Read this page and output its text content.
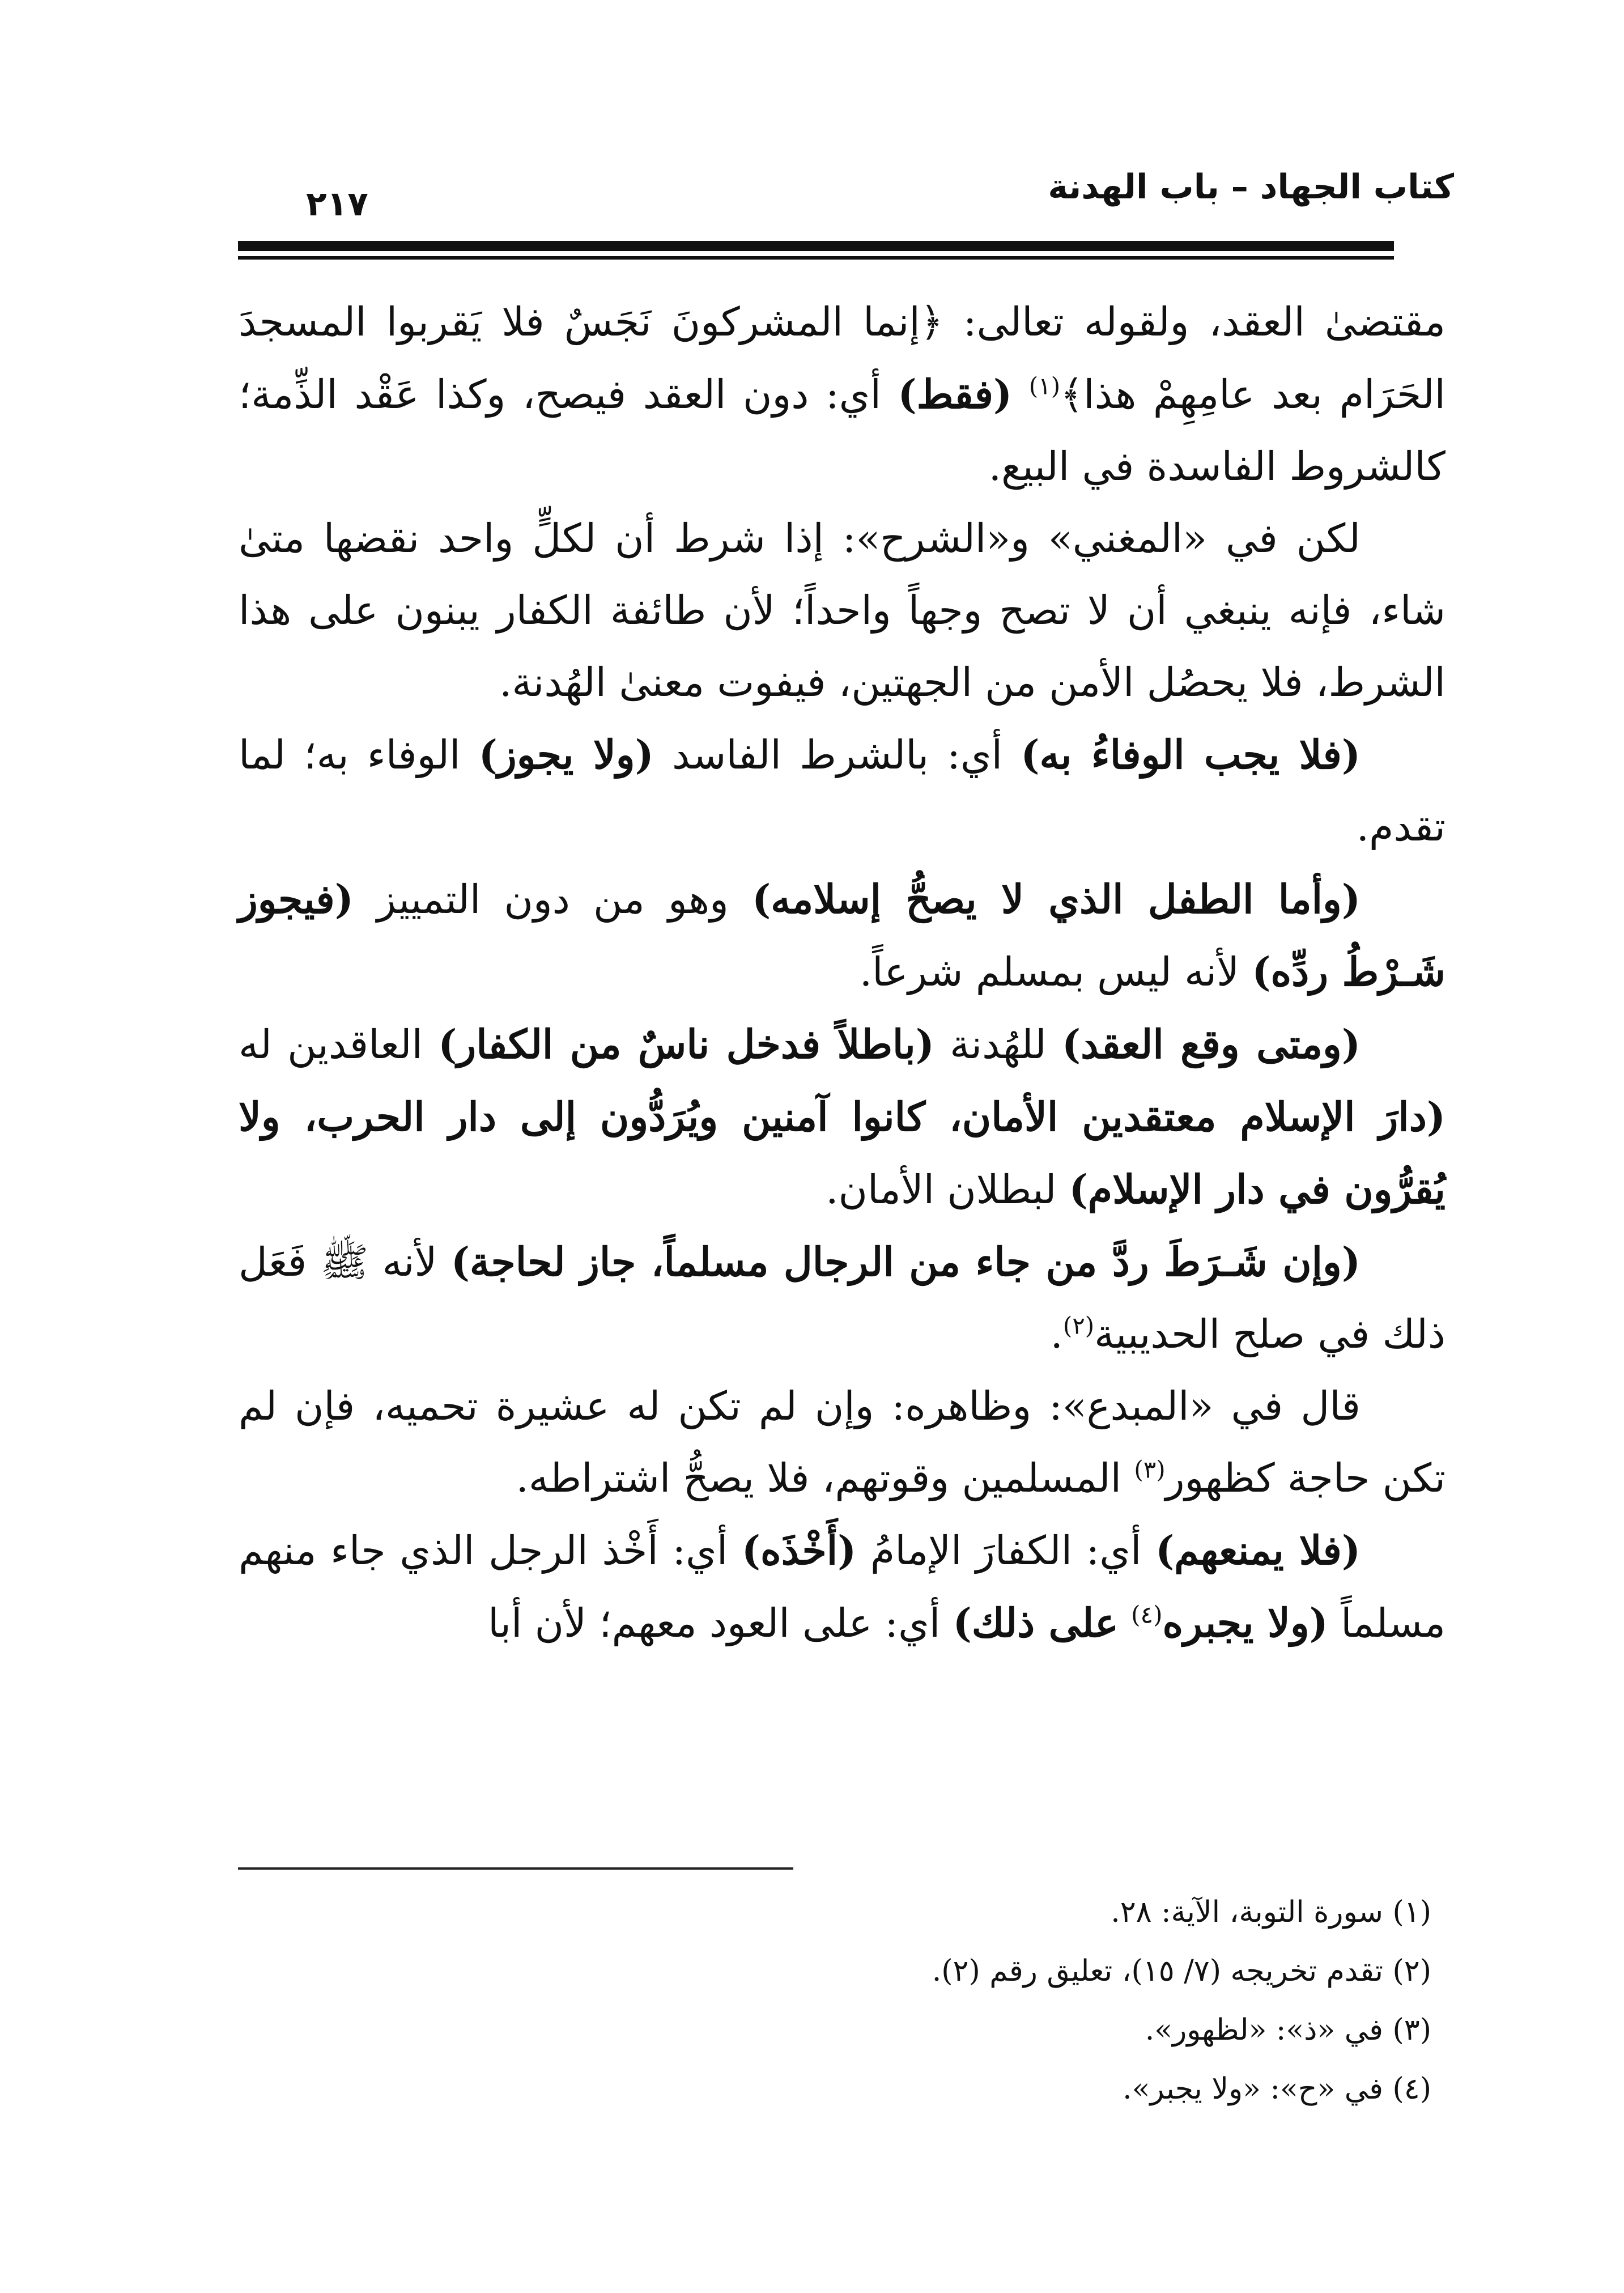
كتاب الجهاد – باب الهدنة
٢١٧

مقتضىٰ العقد، ولقوله تعالى: ﴿إنما المشركونَ نَجَسٌ فلا يَقربوا المسجدَ الحَرَام بعد عامِهِمْ هذا﴾$^{(١)}$ (فقط) أي: دون العقد فيصح، وكذا عَقْد الذِّمة؛ كالشروط الفاسدة في البيع.

لكن في «المغني» و«الشرح»: إذا شرط أن لكلٍّ واحد نقضها متىٰ شاء، فإنه ينبغي أن لا تصح وجهاً واحداً؛ لأن طائفة الكفار يبنون على هذا الشرط، فلا يحصُل الأمن من الجهتين، فيفوت معنىٰ الهُدنة.

(فلا يجب الوفاءُ به) أي: بالشرط الفاسد (ولا يجوز) الوفاء به؛ لما تقدم.

(وأما الطفل الذي لا يصحُّ إسلامه) وهو من دون التمييز (فيجوز شَـرْطُ ردِّه) لأنه ليس بمسلم شرعاً.

(ومتى وقع العقد) للهُدنة (باطلاً فدخل ناسٌ من الكفار) العاقدين له (دارَ الإسلام معتقدين الأمان، كانوا آمنين ويُرَدُّون إلى دار الحرب، ولا يُقرُّون في دار الإسلام) لبطلان الأمان.

(وإن شَـرَطَ ردَّ من جاء من الرجال مسلماً، جاز لحاجة) لأنه ﷺ فَعَل ذلك في صلح الحديبية$^{(٢)}$.

قال في «المبدع»: وظاهره: وإن لم تكن له عشيرة تحميه، فإن لم تكن حاجة كظهور$^{(٣)}$ المسلمين وقوتهم، فلا يصحُّ اشتراطه.

(فلا يمنعهم) أي: الكفارَ الإمامُ (أَخْذَه) أي: أَخْذ الرجل الذي جاء منهم مسلماً (ولا يجبره$^{(٤)}$ على ذلك) أي: على العود معهم؛ لأن أبا

(١) سورة التوبة، الآية: ٢٨.

(٢) تقدم تخريجه (٧/ ١٥)، تعليق رقم (٢).

(٣) في «ذ»: «لظهور».

(٤) في «ح»: «ولا يجبر».
